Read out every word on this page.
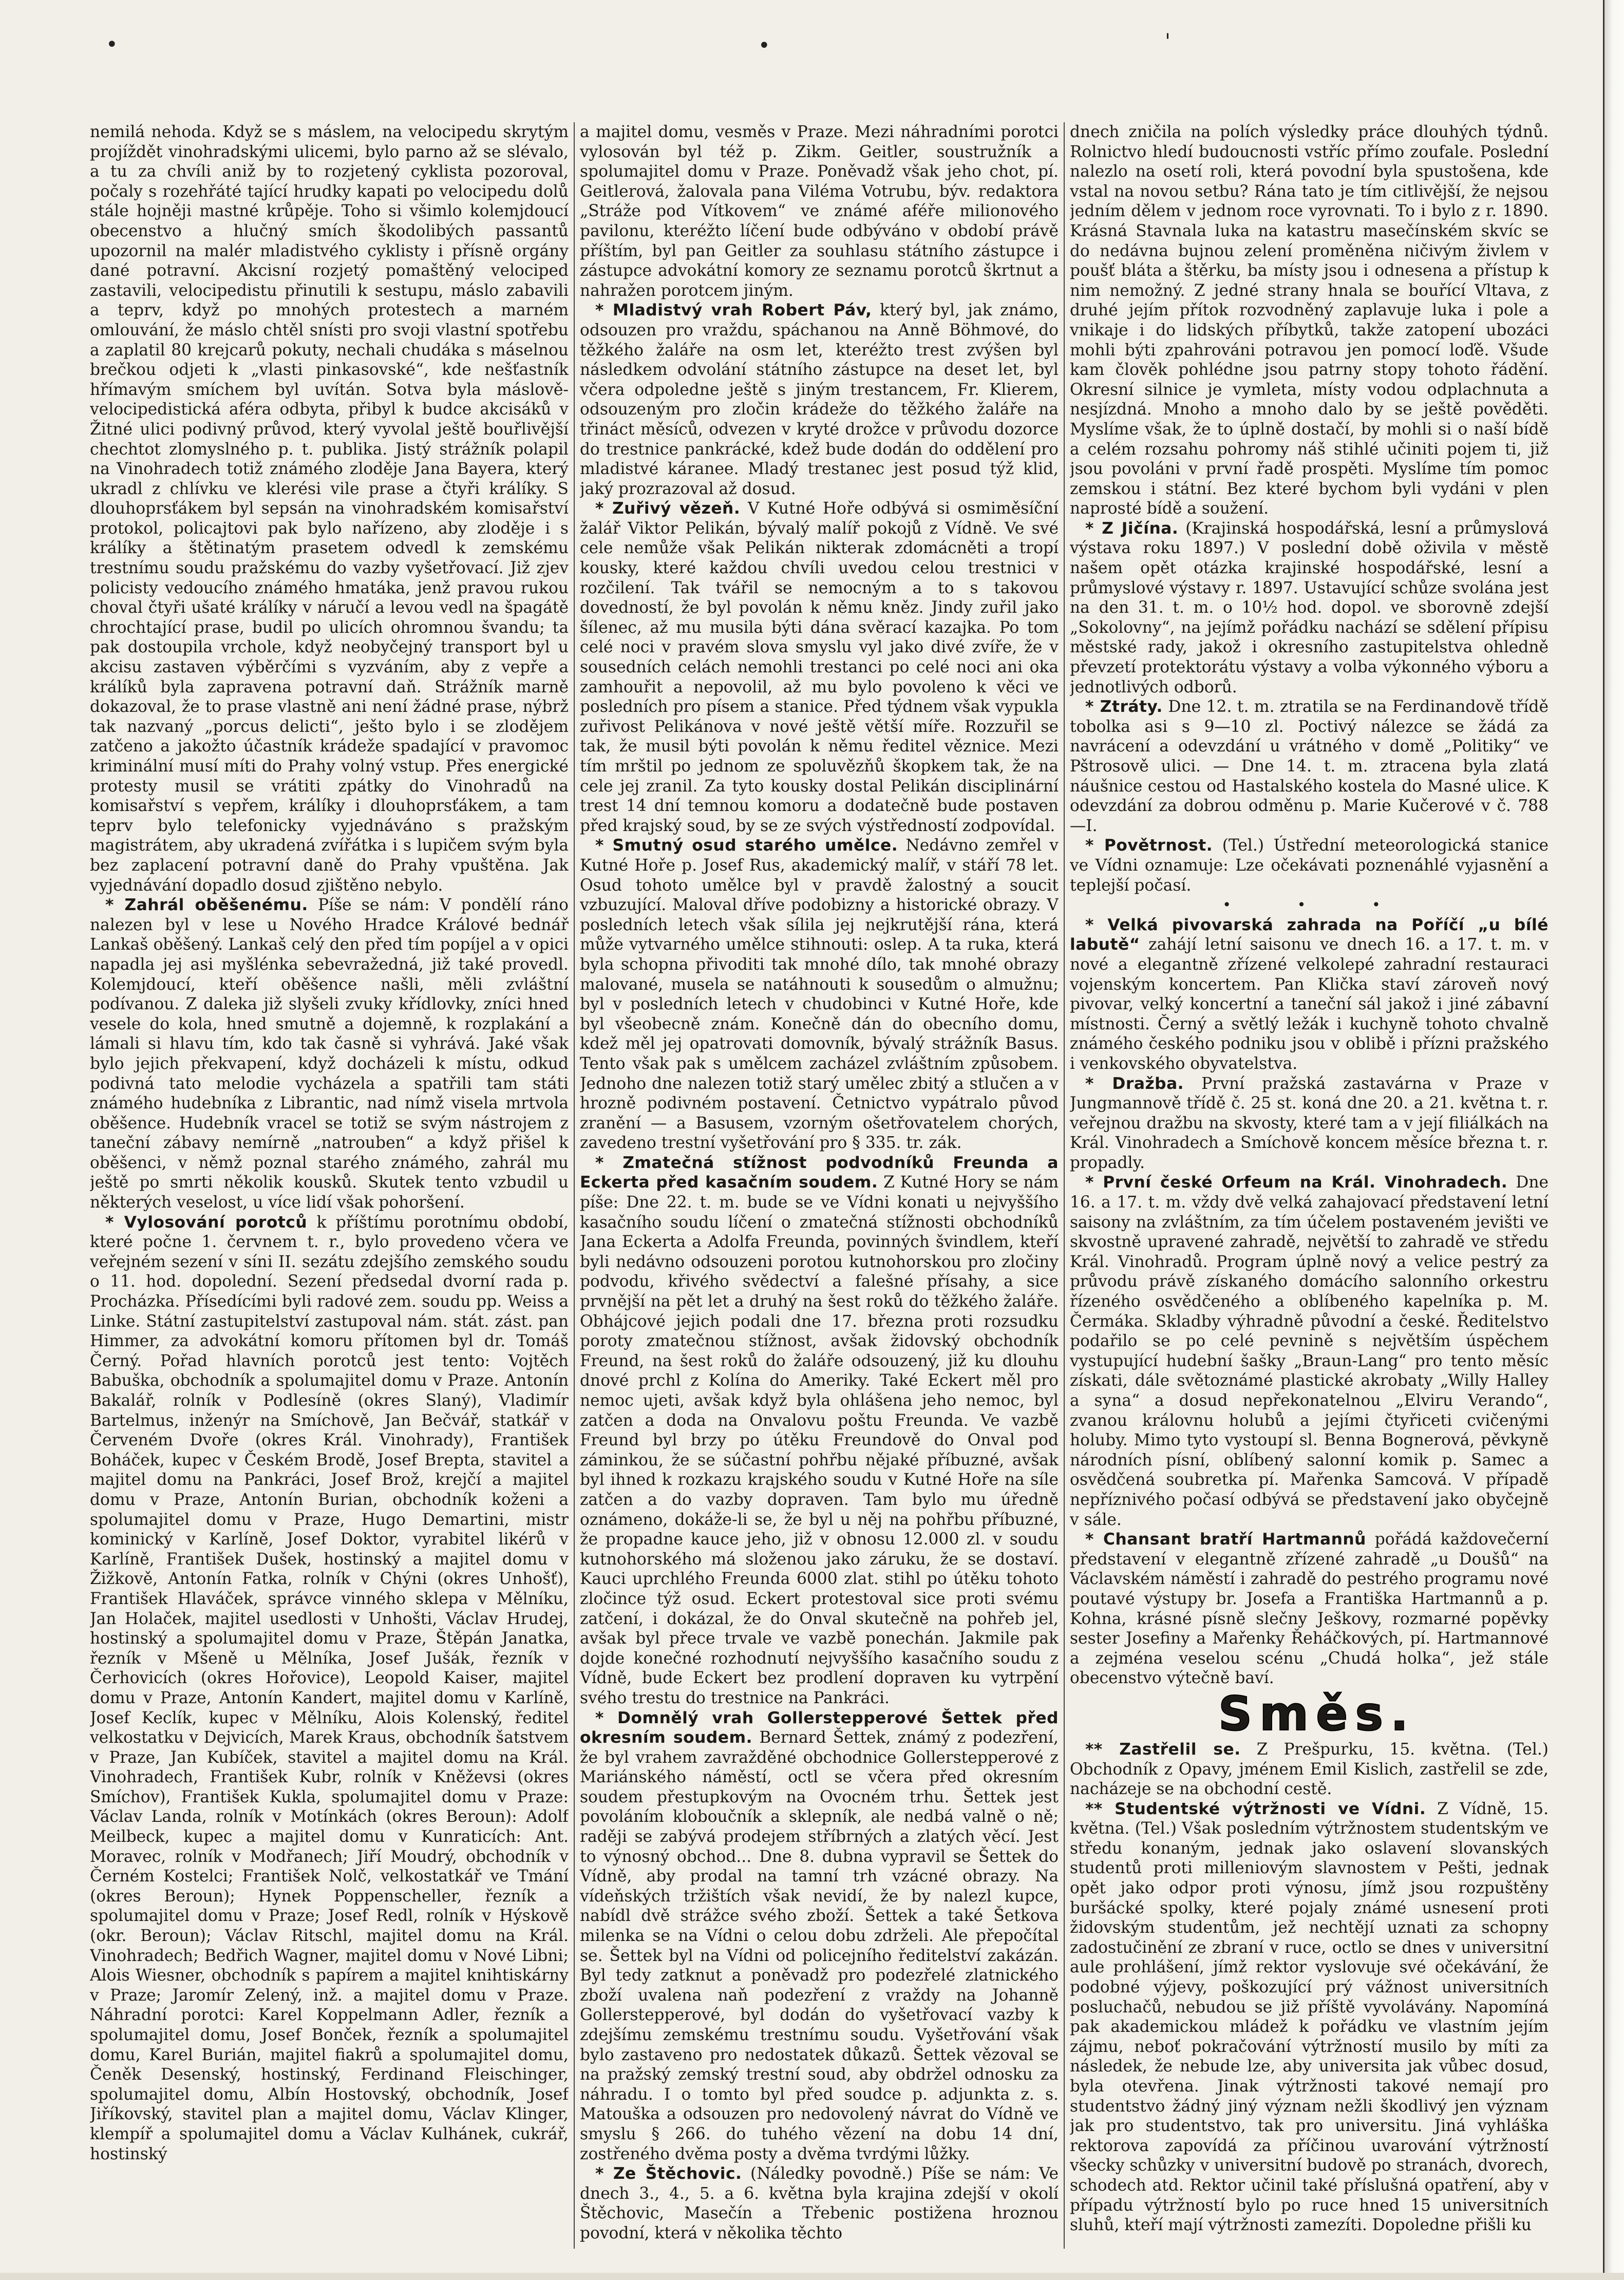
•	•	'

nemilá nehoda. Když se s máslem, na velocipedu skrytým projíždět vinohradskými ulicemi, bylo parno až se slévalo, a tu za chvíli aniž by to rozjetený cyklista pozoroval, počaly s rozehřáté tající hrudky kapati po velocipedu dolů stále hojněji mastné krůpěje. Toho si všimlo kolemjdoucí obecenstvo a hlučný smích škodolibých passantů upozornil na malér mladistvého cyklisty i přísně orgány dané potravní. Akcisní rozjetý pomaštěný velociped zastavili, velocipedistu přinutili k sestupu, máslo zabavili a teprv, když po mnohých protestech a marném omlouvání, že máslo chtěl snísti pro svoji vlastní spotřebu a zaplatil 80 krejcarů pokuty, nechali chudáka s máselnou brečkou odjeti k „vlasti pinkasovské“, kde nešťastník hřímavým smíchem byl uvítán. Sotva byla máslově-velocipedistická aféra odbyta, přibyl k budce akcisáků v Žitné ulici podivný průvod, který vyvolal ještě bouřlivější chechtot zlomyslného p. t. publika. Jistý strážník polapil na Vinohradech totiž známého zloděje Jana Bayera, který ukradl z chlívku ve klerési vile prase a čtyři králíky. S dlouhoprsťákem byl sepsán na vinohradském komisařství protokol, policajtovi pak bylo nařízeno, aby zloděje i s králíky a štětinatým prasetem odvedl k zemskému trestnímu soudu pražskému do vazby vyšetřovací. Již zjev policisty vedoucího známého hmatáka, jenž pravou rukou choval čtyři ušaté králíky v náručí a levou vedl na špagátě chrochtající prase, budil po ulicích ohromnou švandu; ta pak dostoupila vrchole, když neobyčejný transport byl u akcisu zastaven výběrčími s vyzváním, aby z vepře a králíků byla zapravena potravní daň. Strážník marně dokazoval, že to prase vlastně ani není žádné prase, nýbrž tak nazvaný „porcus delicti“, ješto bylo i se zlodějem zatčeno a jakožto účastník krádeže spadající v pravomoc kriminální musí míti do Prahy volný vstup. Přes energické protesty musil se vrátiti zpátky do Vinohradů na komisařství s vepřem, králíky i dlouhoprsťákem, a tam teprv bylo telefonicky vyjednáváno s pražským magistrátem, aby ukradená zvířátka i s lupičem svým byla bez zaplacení potravní daně do Prahy vpuštěna. Jak vyjednávání dopadlo dosud zjištěno nebylo.

* Zahrál oběšenému. Píše se nám: V pondělí ráno nalezen byl v lese u Nového Hradce Králové bednář Lankaš oběšený. Lankaš celý den před tím popíjel a v opici napadla jej asi myšlénka sebevražedná, již také provedl. Kolemjdoucí, kteří oběšence našli, měli zvláštní podívanou. Z daleka již slyšeli zvuky křídlovky, zníci hned vesele do kola, hned smutně a dojemně, k rozplakání a lámali si hlavu tím, kdo tak časně si vyhrává. Jaké však bylo jejich překvapení, když docházeli k místu, odkud podivná tato melodie vycházela a spatřili tam státi známého hudebníka z Librantic, nad nímž visela mrtvola oběšence. Hudebník vracel se totiž se svým nástrojem z taneční zábavy nemírně „natrouben“ a když přišel k oběšenci, v němž poznal starého známého, zahrál mu ještě po smrti několik kousků. Skutek tento vzbudil u některých veselost, u více lidí však pohoršení.

* Vylosování porotců k příštímu porotnímu období, které počne 1. červnem t. r., bylo provedeno včera ve veřejném sezení v síni II. sezátu zdejšího zemského soudu o 11. hod. dopolední. Sezení předsedal dvorní rada p. Procházka. Přísedícími byli radové zem. soudu pp. Weiss a Linke. Státní zastupitelství zastupoval nám. stát. zást. pan Himmer, za advokátní komoru přítomen byl dr. Tomáš Černý. Pořad hlavních porotců jest tento: Vojtěch Babuška, obchodník a spolumajitel domu v Praze. Antonín Bakalář, rolník v Podlesíně (okres Slaný), Vladimír Bartelmus, inženýr na Smíchově, Jan Bečvář, statkář v Červeném Dvoře (okres Král. Vinohrady), František Boháček, kupec v Českém Brodě, Josef Brepta, stavitel a majitel domu na Pankráci, Josef Brož, krejčí a majitel domu v Praze, Antonín Burian, obchodník koženi a spolumajitel domu v Praze, Hugo Demartini, mistr kominický v Karlíně, Josef Doktor, vyrabitel likérů v Karlíně, František Dušek, hostinský a majitel domu v Žižkově, Antonín Fatka, rolník v Chýni (okres Unhošť), František Hlaváček, správce vinného sklepa v Mělníku, Jan Holaček, majitel usedlosti v Unhošti, Václav Hrudej, hostinský a spolumajitel domu v Praze, Štěpán Janatka, řezník v Mšeně u Mělníka, Josef Jušák, řezník v Čerhovicích (okres Hořovice), Leopold Kaiser, majitel domu v Praze, Antonín Kandert, majitel domu v Karlíně, Josef Keclík, kupec v Mělníku, Alois Kolenský, ředitel velkostatku v Dejvicích, Marek Kraus, obchodník šatstvem v Praze, Jan Kubíček, stavitel a majitel domu na Král. Vinohradech, František Kubr, rolník v Kněževsi (okres Smíchov), František Kukla, spolumajitel domu v Praze: Václav Landa, rolník v Motínkách (okres Beroun): Adolf Meilbeck, kupec a majitel domu v Kunraticích: Ant. Moravec, rolník v Modřanech; Jiří Moudrý, obchodník v Černém Kostelci; František Nolč, velkostatkář ve Tmání (okres Beroun); Hynek Poppenscheller, řezník a spolumajitel domu v Praze; Josef Redl, rolník v Hýskově (okr. Beroun); Václav Ritschl, majitel domu na Král. Vinohradech; Bedřich Wagner, majitel domu v Nové Libni; Alois Wiesner, obchodník s papírem a majitel knihtiskárny v Praze; Jaromír Zelený, inž. a majitel domu v Praze. Náhradní porotci: Karel Koppelmann Adler, řezník a spolumajitel domu, Josef Bonček, řezník a spolumajitel domu, Karel Burián, majitel fiakrů a spolumajitel domu, Čeněk Desenský, hostinský, Ferdinand Fleischinger, spolumajitel domu, Albín Hostovský, obchodník, Josef Jiříkovský, stavitel plan a majitel domu, Václav Klinger, klempíř a spolumajitel domu a Václav Kulhánek, cukrář, hostinský

a majitel domu, vesměs v Praze. Mezi náhradními porotci vylosován byl též p. Zikm. Geitler, soustružník a spolumajitel domu v Praze. Poněvadž však jeho chot, pí. Geitlerová, žalovala pana Viléma Votrubu, býv. redaktora „Stráže pod Vítkovem“ ve známé aféře milionového pavilonu, kteréžto líčení bude odbýváno v období právě příštím, byl pan Geitler za souhlasu státního zástupce i zástupce advokátní komory ze seznamu porotců škrtnut a nahražen porotcem jiným.

* Mladistvý vrah Robert Páv, který byl, jak známo, odsouzen pro vraždu, spáchanou na Anně Böhmové, do těžkého žaláře na osm let, kteréžto trest zvýšen byl následkem odvolání státního zástupce na deset let, byl včera odpoledne ještě s jiným trestancem, Fr. Klierem, odsouzeným pro zločin krádeže do těžkého žaláře na třináct měsíců, odvezen v kryté drožce v průvodu dozorce do trestnice pankrácké, kdež bude dodán do oddělení pro mladistvé káranee. Mladý trestanec jest posud týž klid, jaký prozrazoval až dosud.

* Zuřivý vězeň. V Kutné Hoře odbývá si osmiměsíční žalář Viktor Pelikán, bývalý malíř pokojů z Vídně. Ve své cele nemůže však Pelikán nikterak zdomácněti a tropí kousky, které každou chvíli uvedou celou trestnici v rozčilení. Tak tvářil se nemocným a to s takovou dovedností, že byl povolán k němu kněz. Jindy zuřil jako šílenec, až mu musila býti dána svěrací kazajka. Po tom celé noci v pravém slova smyslu vyl jako divé zvíře, že v sousedních celách nemohli trestanci po celé noci ani oka zamhouřit a nepovolil, až mu bylo povoleno k věci ve posledních pro písem a stanice. Před týdnem však vypukla zuřivost Pelikánova v nové ještě větší míře. Rozzuřil se tak, že musil býti povolán k němu ředitel věznice. Mezi tím mrštil po jednom ze spoluvězňů škopkem tak, že na cele jej zranil. Za tyto kousky dostal Pelikán disciplinární trest 14 dní temnou komoru a dodatečně bude postaven před krajský soud, by se ze svých výstředností zodpovídal.

* Smutný osud starého umělce. Nedávno zemřel v Kutné Hoře p. Josef Rus, akademický malíř, v stáří 78 let. Osud tohoto umělce byl v pravdě žalostný a soucit vzbuzující. Maloval dříve podobizny a historické obrazy. V posledních letech však sílila jej nejkrutější rána, která může vytvarného umělce stihnouti: oslep. A ta ruka, která byla schopna přivoditi tak mnohé dílo, tak mnohé obrazy malované, musela se natáhnouti k sousedům o almužnu; byl v posledních letech v chudobinci v Kutné Hoře, kde byl všeobecně znám. Konečně dán do obecního domu, kdež měl jej opatrovati domovník, bývalý strážník Basus. Tento však pak s umělcem zacházel zvláštním způsobem. Jednoho dne nalezen totiž starý umělec zbitý a stlučen a v hrozně podivném postavení. Četnictvo vypátralo původ zranění — a Basusem, vzorným ošetřovatelem chorých, zavedeno trestní vyšetřování pro § 335. tr. zák.

* Zmatečná stížnost podvodníků Freunda a Eckerta před kasačním soudem. Z Kutné Hory se nám píše: Dne 22. t. m. bude se ve Vídni konati u nejvyššího kasačního soudu líčení o zmatečná stížnosti obchodníků Jana Eckerta a Adolfa Freunda, povinných švindlem, kteří byli nedávno odsouzeni porotou kutnohorskou pro zločiny podvodu, křivého svědectví a falešné přísahy, a sice prvnější na pět let a druhý na šest roků do těžkého žaláře. Obhájcové jejich podali dne 17. března proti rozsudku poroty zmatečnou stížnost, avšak židovský obchodník Freund, na šest roků do žaláře odsouzený, již ku dlouhu dnové prchl z Kolína do Ameriky. Také Eckert měl pro nemoc ujeti, avšak když byla ohlášena jeho nemoc, byl zatčen a doda na Onvalovu poštu Freunda. Ve vazbě Freund byl brzy po útěku Freundově do Onval pod záminkou, že se súčastní pohřbu nějaké příbuzné, avšak byl ihned k rozkazu krajského soudu v Kutné Hoře na síle zatčen a do vazby dopraven. Tam bylo mu úředně oznámeno, dokáže-li se, že byl u něj na pohřbu příbuzné, že propadne kauce jeho, již v obnosu 12.000 zl. v soudu kutnohorského má složenou jako záruku, že se dostaví. Kauci uprchlého Freunda 6000 zlat. stihl po útěku tohoto zločince týž osud. Eckert protestoval sice proti svému zatčení, i dokázal, že do Onval skutečně na pohřeb jel, avšak byl přece trvale ve vazbě ponechán. Jakmile pak dojde konečné rozhodnutí nejvyššího kasačního soudu z Vídně, bude Eckert bez prodlení dopraven ku vytrpění svého trestu do trestnice na Pankráci.

* Domnělý vrah Gollerstepperové Šettek před okresním soudem. Bernard Šettek, známý z podezření, že byl vrahem zavražděné obchodnice Gollerstepperové z Mariánského náměstí, octl se včera před okresním soudem přestupkovým na Ovocném trhu. Šettek jest povoláním kloboučník a sklepník, ale nedbá valně o ně; raději se zabývá prodejem stříbrných a zlatých věcí. Jest to výnosný obchod... Dne 8. dubna vypravil se Šettek do Vídně, aby prodal na tamní trh vzácné obrazy. Na vídeňských tržištích však nevidí, že by nalezl kupce, nabídl dvě strážce svého zboží. Šettek a také Šetkova milenka se na Vídni o celou dobu zdrželi. Ale přepočítal se. Šettek byl na Vídni od policejního ředitelství zakázán. Byl tedy zatknut a poněvadž pro podezřelé zlatnického zboží uvalena naň podezření z vraždy na Johanně Gollerstepperové, byl dodán do vyšetřovací vazby k zdejšímu zemskému trestnímu soudu. Vyšetřování však bylo zastaveno pro nedostatek důkazů. Šettek vězoval se na pražský zemský trestní soud, aby obdržel odnosku za náhradu. I o tomto byl před soudce p. adjunkta z. s. Matouška a odsouzen pro nedovolený návrat do Vídně ve smyslu § 266. do tuhého vězení na dobu 14 dní, zostřeného dvěma posty a dvěma tvrdými lůžky.

* Ze Štěchovic. (Náledky povodně.) Píše se nám: Ve dnech 3., 4., 5. a 6. května byla krajina zdejší v okolí Štěchovic, Masečín a Třebenic postižena hroznou povodní, která v několika těchto

dnech zničila na polích výsledky práce dlouhých týdnů. Rolnictvo hledí budoucnosti vstříc přímo zoufale. Poslední nalezlo na osetí roli, která povodní byla spustošena, kde vstal na novou setbu? Rána tato je tím citlivější, že nejsou jedním dělem v jednom roce vyrovnati. To i bylo z r. 1890. Krásná Stavnala luka na katastru masečínském skvíc se do nedávna bujnou zelení proměněna ničivým živlem v poušť bláta a štěrku, ba místy jsou i odnesena a přístup k nim nemožný. Z jedné strany hnala se bouřící Vltava, z druhé jejím přítok rozvodněný zaplavuje luka i pole a vnikaje i do lidských příbytků, takže zatopení ubozáci mohli býti zpahrováni potravou jen pomocí loďě. Všude kam člověk pohlédne jsou patrny stopy tohoto řádění. Okresní silnice je vymleta, místy vodou odplachnuta a nesjízdná. Mnoho a mnoho dalo by se ještě pověděti. Myslíme však, že to úplně dostačí, by mohli si o naší bídě a celém rozsahu pohromy náš stihlé učiniti pojem ti, již jsou povoláni v první řadě prospěti. Myslíme tím pomoc zemskou i státní. Bez které bychom byli vydáni v plen naprosté bídě a soužení.

* Z Jičína. (Krajinská hospodářská, lesní a průmyslová výstava roku 1897.) V poslední době oživila v městě našem opět otázka krajinské hospodářské, lesní a průmyslové výstavy r. 1897. Ustavující schůze svolána jest na den 31. t. m. o 10½ hod. dopol. ve sborovně zdejší „Sokolovny“, na jejímž pořádku nachází se sdělení přípisu městské rady, jakož i okresního zastupitelstva ohledně převzetí protektorátu výstavy a volba výkonného výboru a jednotlivých odborů.

* Ztráty. Dne 12. t. m. ztratila se na Ferdinandově třídě tobolka asi s 9—10 zl. Poctivý nálezce se žádá za navrácení a odevzdání u vrátného v domě „Politiky“ ve Pštrosově ulici. — Dne 14. t. m. ztracena byla zlatá náušnice cestou od Hastalského kostela do Masné ulice. K odevzdání za dobrou odměnu p. Marie Kučerové v č. 788—I.

* Povětrnost. (Tel.) Ústřední meteorologická stanice ve Vídni oznamuje: Lze očekávati poznenáhlé vyjasnění a teplejší počasí.

• • •

* Velká pivovarská zahrada na Poříčí „u bílé labutě“ zahájí letní saisonu ve dnech 16. a 17. t. m. v nové a elegantně zřízené velkolepé zahradní restauraci vojenským koncertem. Pan Klička staví zároveň nový pivovar, velký koncertní a taneční sál jakož i jiné zábavní místnosti. Černý a světlý ležák i kuchyně tohoto chvalně známého českého podniku jsou v oblibě i přízni pražského i venkovského obyvatelstva.

* Dražba. První pražská zastavárna v Praze v Jungmannově třídě č. 25 st. koná dne 20. a 21. května t. r. veřejnou dražbu na skvosty, které tam a v její filiálkách na Král. Vinohradech a Smíchově koncem měsíce března t. r. propadly.

* První české Orfeum na Král. Vinohradech. Dne 16. a 17. t. m. vždy dvě velká zahajovací představení letní saisony na zvláštním, za tím účelem postaveném jevišti ve skvostně upravené zahradě, největší to zahradě ve středu Král. Vinohradů. Program úplně nový a velice pestrý za průvodu právě získaného domácího salonního orkestru řízeného osvědčeného a oblíbeného kapelníka p. M. Čermáka. Skladby výhradně původní a české. Ředitelstvo podařilo se po celé pevnině s největším úspěchem vystupující hudební šašky „Braun-Lang“ pro tento měsíc získati, dále světoznámé plastické akrobaty „Willy Halley a syna“ a dosud nepřekonatelnou „Elviru Verando“, zvanou královnu holubů a jejími čtyřiceti cvičenými holuby. Mimo tyto vystoupí sl. Benna Bognerová, pěvkyně národních písní, oblíbený salonní komik p. Samec a osvědčená soubretka pí. Mařenka Samcová. V případě nepříznivého počasí odbývá se představení jako obyčejně v sále.

* Chansant bratří Hartmannů pořádá každovečerní představení v elegantně zřízené zahradě „u Doušů“ na Václavském náměstí i zahradě do pestrého programu nové poutavé výstupy br. Josefa a Františka Hartmannů a p. Kohna, krásné písně slečny Ješkovy, rozmarné popěvky sester Josefiny a Mařenky Řeháčkových, pí. Hartmannové a zejména veselou scénu „Chudá holka“, jež stále obecenstvo výtečně baví.

Směs.

** Zastřelil se. Z Prešpurku, 15. května. (Tel.) Obchodník z Opavy, jménem Emil Kislich, zastřelil se zde, nacházeje se na obchodní cestě.

** Studentské výtržnosti ve Vídni. Z Vídně, 15. května. (Tel.) Však posledním výtržnostem studentským ve středu konaným, jednak jako oslavení slovanských studentů proti milleniovým slavnostem v Pešti, jednak opět jako odpor proti výnosu, jímž jsou rozpuštěny buršácké spolky, které pojaly známé usnesení proti židovským studentům, jež nechtějí uznati za schopny zadostučinění ze zbraní v ruce, octlo se dnes v universitní aule prohlášení, jímž rektor vyslovuje své očekávání, že podobné výjevy, poškozující prý vážnost universitních posluchačů, nebudou se již příště vyvolávány. Napomíná pak akademickou mládež k pořádku ve vlastním jejím zájmu, neboť pokračování výtržností musilo by míti za následek, že nebude lze, aby universita jak vůbec dosud, byla otevřena. Jinak výtržnosti takové nemají pro studentstvo žádný jiný význam nežli škodlivý jen význam jak pro studentstvo, tak pro universitu. Jiná vyhláška rektorova zapovídá za příčinou uvarování výtržností všecky schůzky v universitní budově po stranách, dvorech, schodech atd. Rektor učinil také příslušná opatření, aby v případu výtržností bylo po ruce hned 15 universitních sluhů, kteří mají výtržnosti zamezíti. Dopoledne přišli ku
